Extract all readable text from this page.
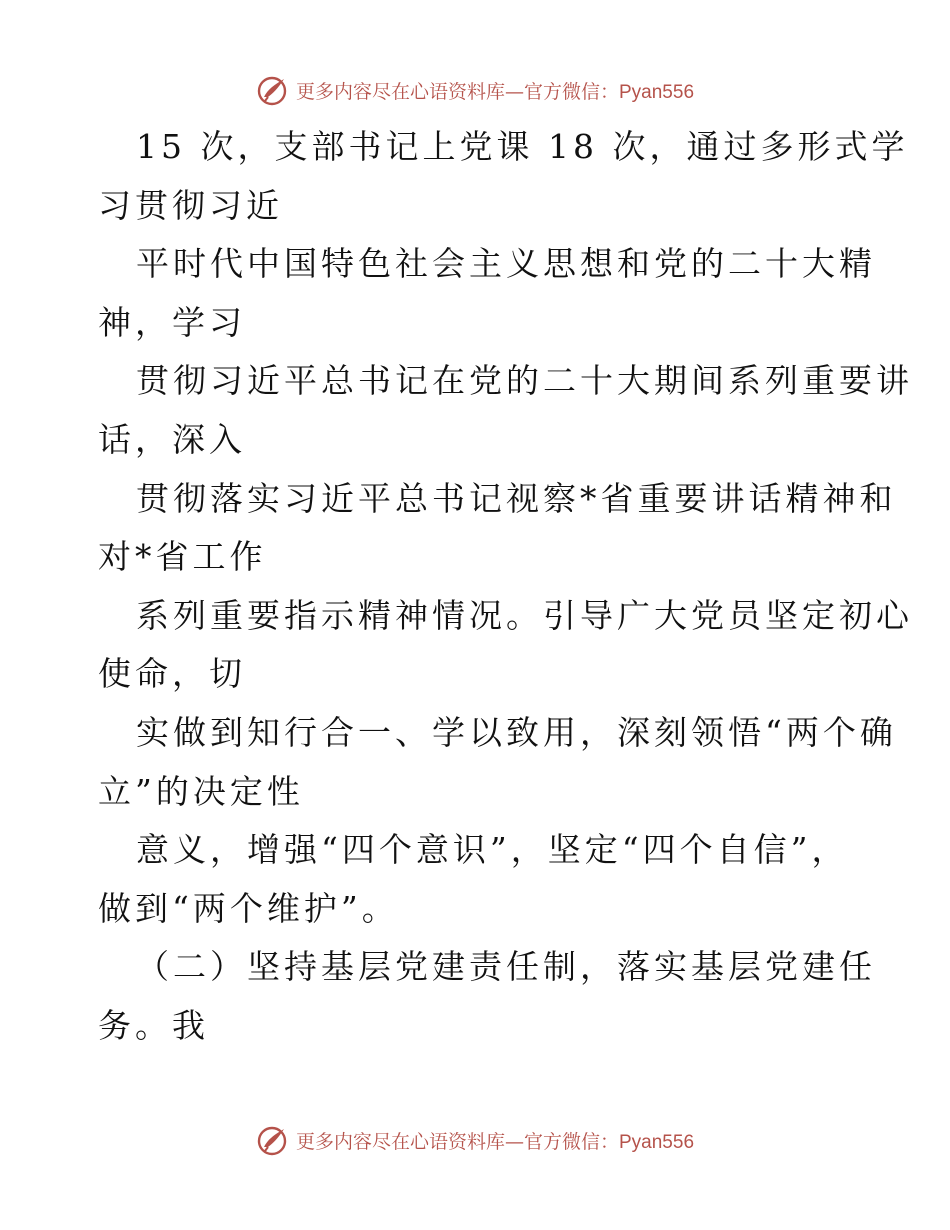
更多内容尽在心语资料库—官方微信：Pyan556
15 次，支部书记上党课 18 次，通过多形式学
习贯彻习近
平时代中国特色社会主义思想和党的二十大精
神，学习
贯彻习近平总书记在党的二十大期间系列重要讲
话，深入
贯彻落实习近平总书记视察*省重要讲话精神和
对*省工作
系列重要指示精神情况。引导广大党员坚定初心
使命，切
实做到知行合一、学以致用，深刻领悟“两个确
立”的决定性
意义，增强“四个意识”，坚定“四个自信”，
做到“两个维护”。
（二）坚持基层党建责任制，落实基层党建任
务。我
更多内容尽在心语资料库—官方微信：Pyan556
